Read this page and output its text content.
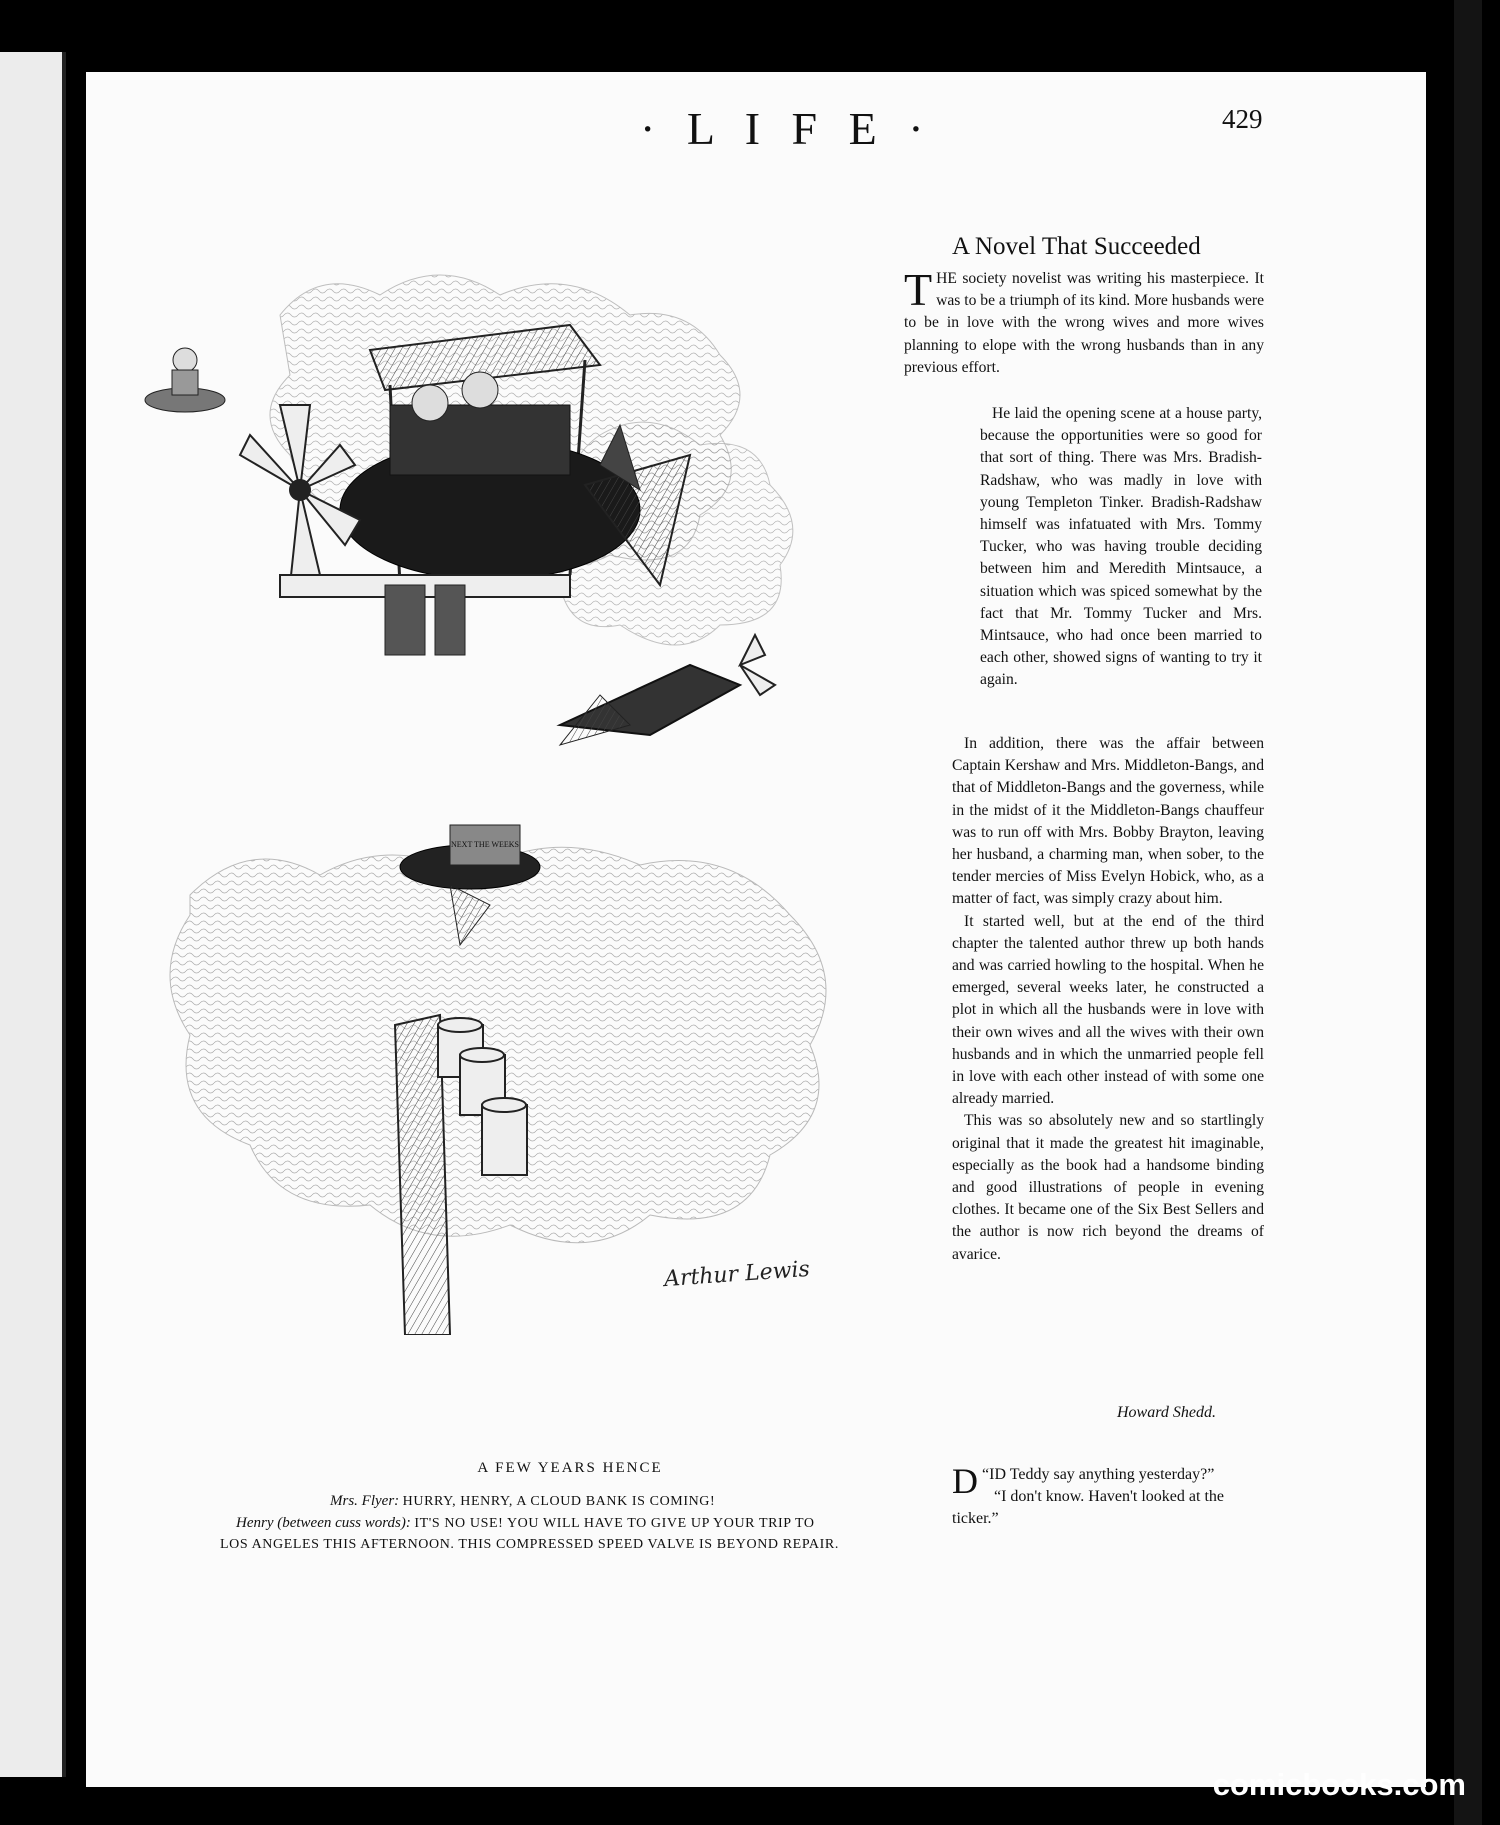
· L I F E ·	429
NEXT THE WEEKS
Arthur Lewis
A FEW YEARS HENCE
Mrs. Flyer: HURRY, HENRY, A CLOUD BANK IS COMING!
Henry (between cuss words): IT'S NO USE! YOU WILL HAVE TO GIVE UP YOUR TRIP TO
LOS ANGELES THIS AFTERNOON. THIS COMPRESSED SPEED VALVE IS BEYOND REPAIR.
A Novel That Succeeded

THE society novelist was writing his masterpiece. It was to be a triumph of its kind. More husbands were to be in love with the wrong wives and more wives planning to elope with the wrong husbands than in any previous effort.

He laid the opening scene at a house party, because the opportunities were so good for that sort of thing. There was Mrs. Bradish-Radshaw, who was madly in love with young Templeton Tinker. Bradish-Radshaw himself was infatuated with Mrs. Tommy Tucker, who was having trouble deciding between him and Meredith Mintsauce, a situation which was spiced somewhat by the fact that Mr. Tommy Tucker and Mrs. Mintsauce, who had once been married to each other, showed signs of wanting to try it again.

In addition, there was the affair between Captain Kershaw and Mrs. Middleton-Bangs, and that of Middleton-Bangs and the governess, while in the midst of it the Middleton-Bangs chauffeur was to run off with Mrs. Bobby Brayton, leaving her husband, a charming man, when sober, to the tender mercies of Miss Evelyn Hobick, who, as a matter of fact, was simply crazy about him.

It started well, but at the end of the third chapter the talented author threw up both hands and was carried howling to the hospital. When he emerged, several weeks later, he constructed a plot in which all the husbands were in love with their own wives and all the wives with their own husbands and in which the unmarried people fell in love with each other instead of with some one already married.

This was so absolutely new and so startlingly original that it made the greatest hit imaginable, especially as the book had a handsome binding and good illustrations of people in evening clothes. It became one of the Six Best Sellers and the author is now rich beyond the dreams of avarice.

Howard Shedd.
“
D ID Teddy say anything yesterday?”
“I don't know. Haven't looked at the ticker.”
comicbooks.com
